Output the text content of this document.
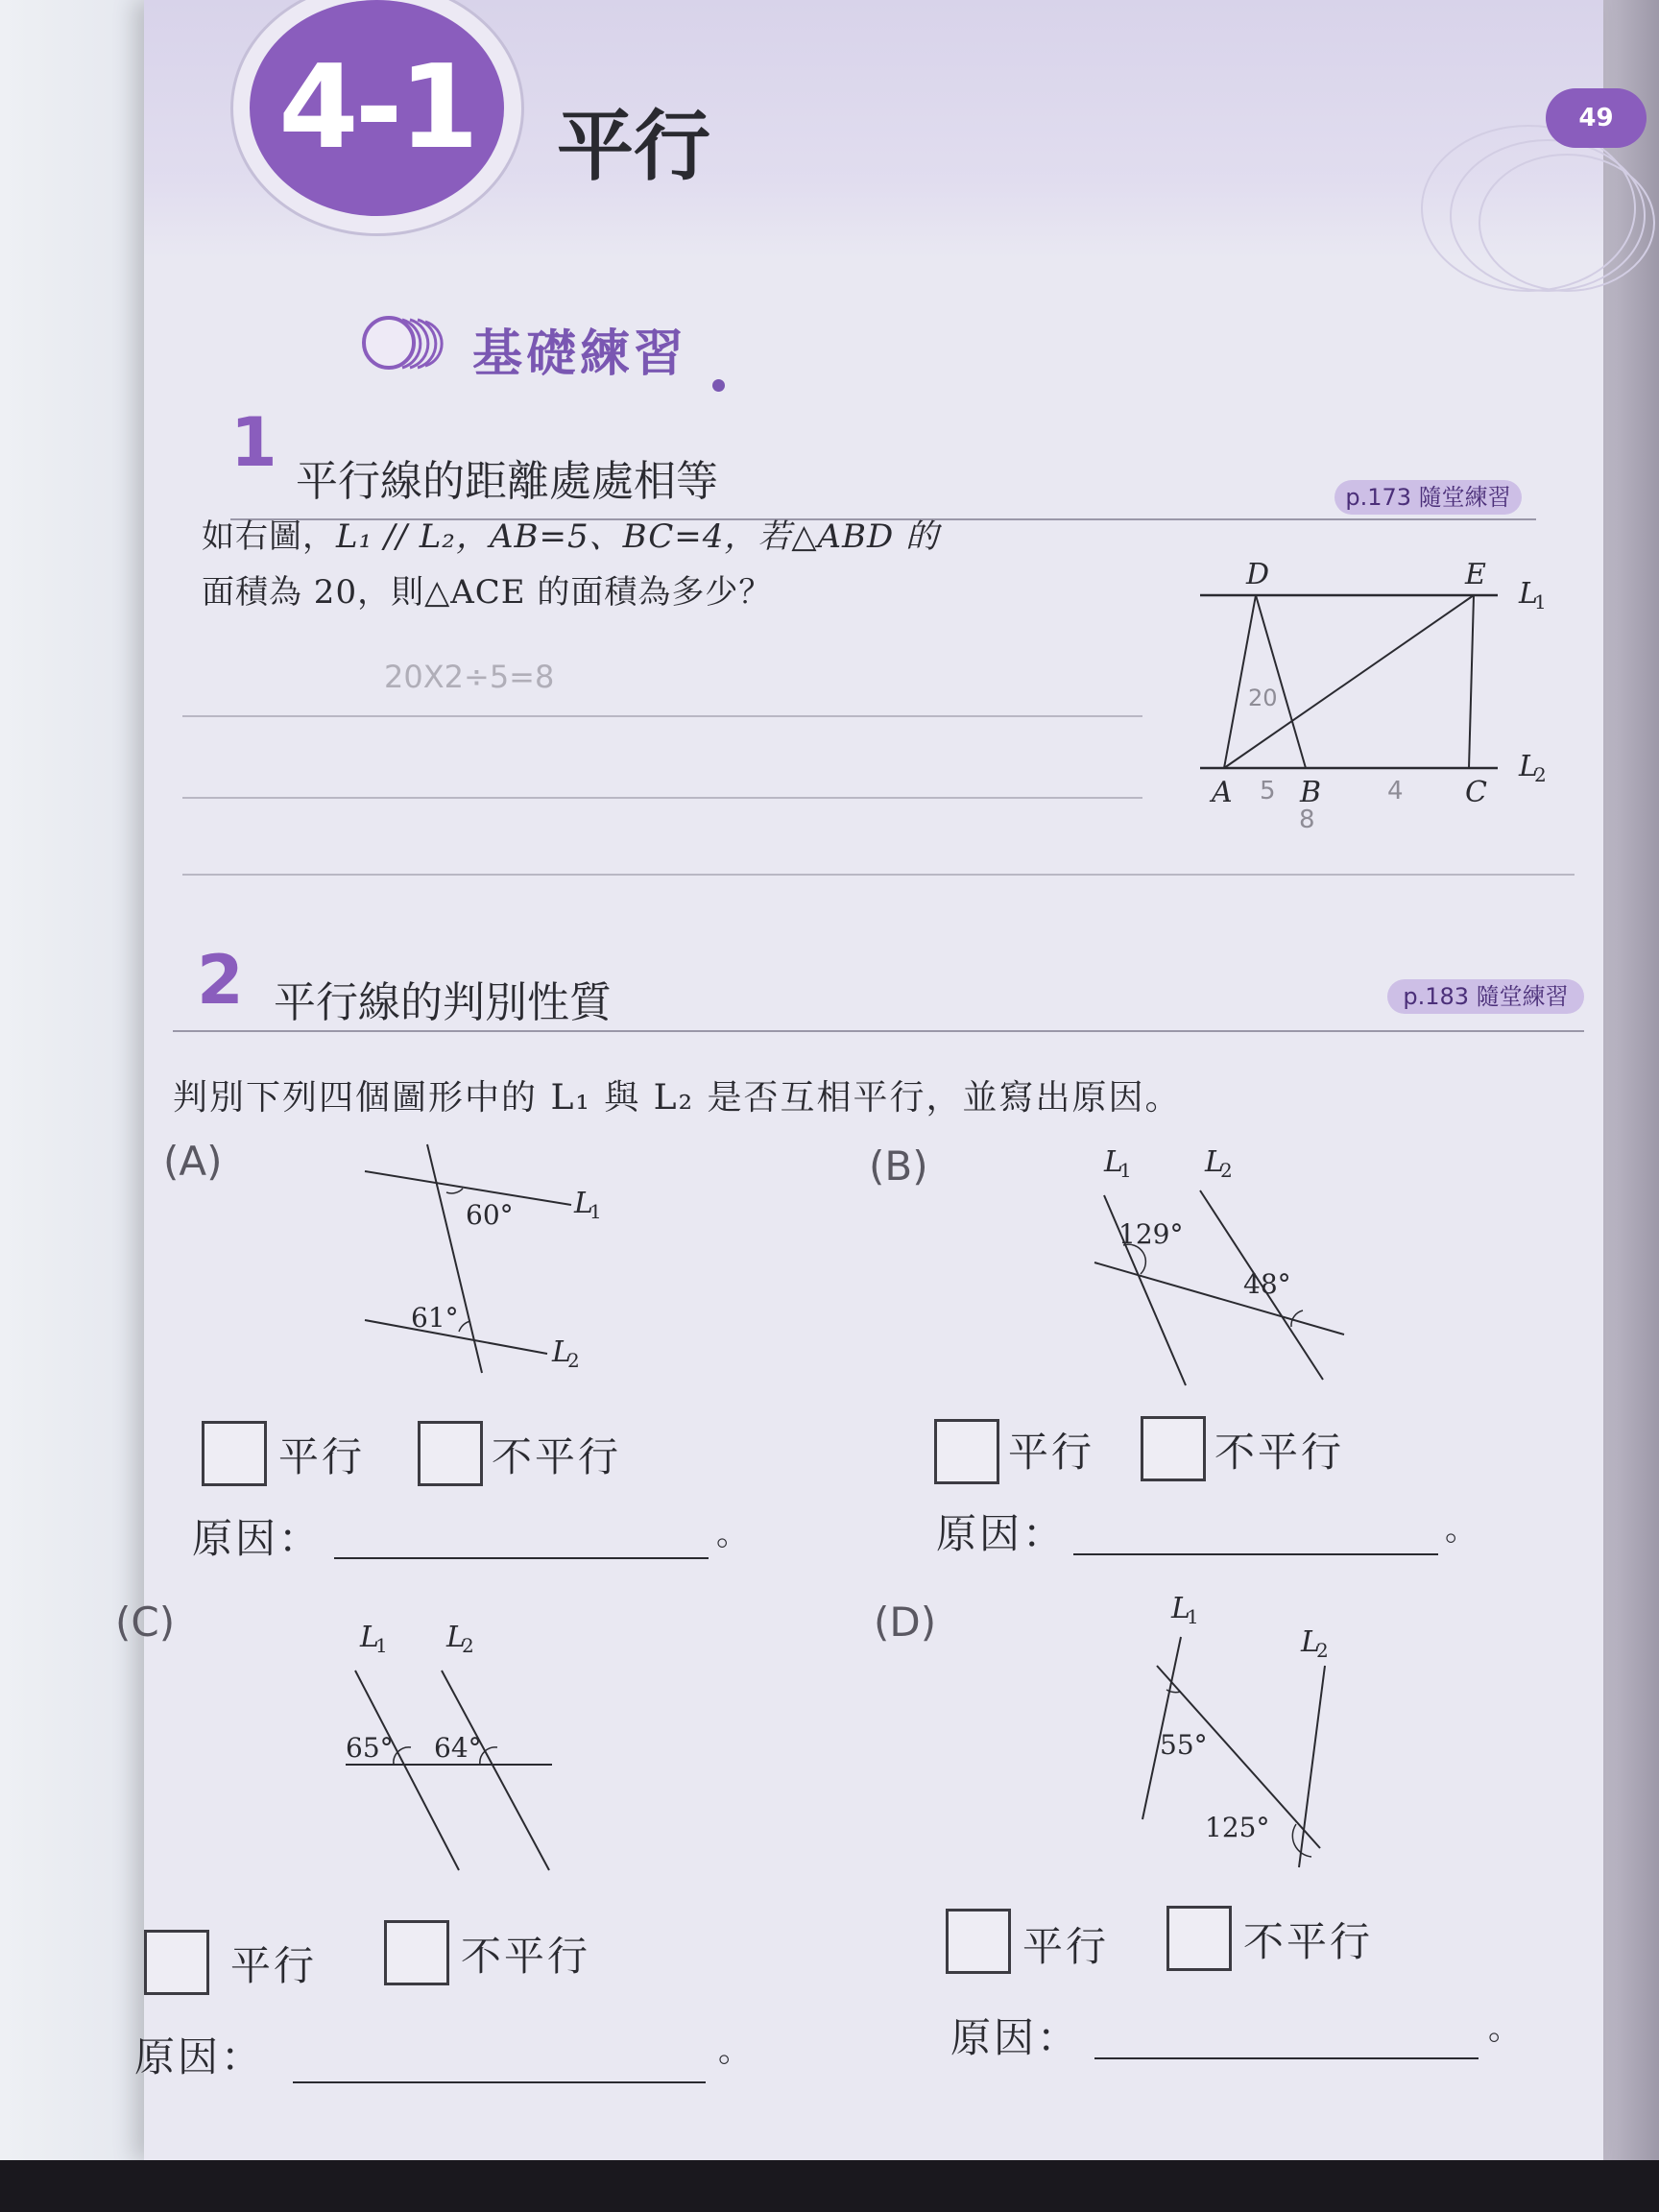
4-1	平行	49
基礎練習
1 平行線的距離處處相等	p.173 隨堂練習
如右圖，L₁ // L₂，AB=5、BC=4，若△ABD 的
面積為 20，則△ACE 的面積為多少？
20X2÷5=8
D	E
A B	C
L
1
L
2
20
5	4
8
2 平行線的判別性質	p.183 隨堂練習
判別下列四個圖形中的 L₁ 與 L₂ 是否互相平行，並寫出原因。
(A)
60°
61°
L
1
L
2
平行	不平行
原因：	。
(B)	L
1	L
2
129°
48°
平行	不平行
原因：	。
(C)	L
1 L
2
65° 64°
平行	不平行
原因：	。
(D)	L
1
L
2
55°
125°
平行	不平行
原因：	。
